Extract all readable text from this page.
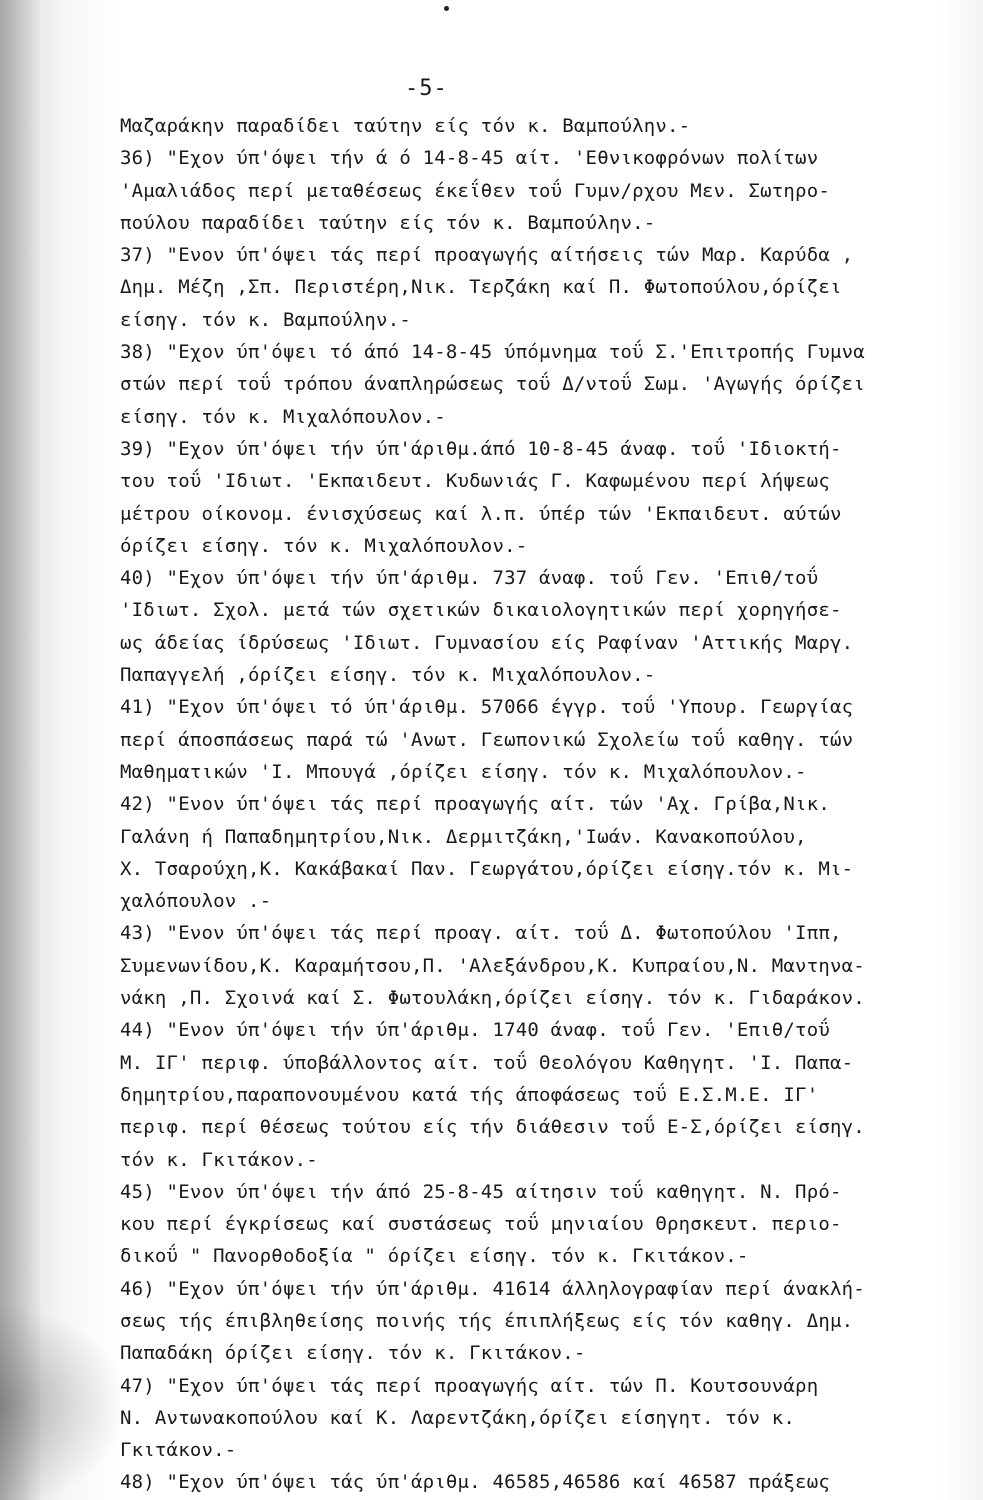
-5-
Μαζαράκην παραδίδει ταύτην είς τόν κ. Βαμπούλην.-
36) "Εχον ύπ'όψει τήν ά ό 14-8-45 αίτ. 'Εθνικοφρόνων πολίτων
'Αμαλιάδος περί μεταθέσεως έκεΐθεν τοΰ Γυμν/ρχου Μεν. Σωτηρο-
πούλου παραδίδει ταύτην είς τόν κ. Βαμπούλην.-
37) "Ενον ύπ'όψει τάς περί προαγωγής αίτήσεις τών Μαρ. Καρύδα ,
Δημ. Μέζη ,Σπ. Περιστέρη,Νικ. Τερζάκη καί Π. Φωτοπούλου,όρίζει
είσηγ. τόν κ. Βαμπούλην.-
38) "Εχον ύπ'όψει τό άπό 14-8-45 ύπόμνημα τοΰ Σ.'Επιτροπής Γυμνα
στών περί τοΰ τρόπου άναπληρώσεως τοΰ Δ/ντοΰ Σωμ. 'Αγωγής όρίζει
είσηγ. τόν κ. Μιχαλόπουλον.-
39) "Εχον ύπ'όψει τήν ύπ'άριθμ.άπό 10-8-45 άναφ. τοΰ 'Ιδιοκτή-
του τοΰ 'Ιδιωτ. 'Εκπαιδευτ. Κυδωνιάς Γ. Καφωμένου περί λήψεως
μέτρου οίκονομ. ένισχύσεως καί λ.π. ύπέρ τών 'Εκπαιδευτ. αύτών
όρίζει είσηγ. τόν κ. Μιχαλόπουλον.-
40) "Εχον ύπ'όψει τήν ύπ'άριθμ. 737 άναφ. τοΰ Γεν. 'Επιθ/τοΰ
'Ιδιωτ. Σχολ. μετά τών σχετικών δικαιολογητικών περί χορηγήσε-
ως άδείας ίδρύσεως 'Ιδιωτ. Γυμνασίου είς Ραφίναν 'Αττικής Μαργ.
Παπαγγελή ,όρίζει είσηγ. τόν κ. Μιχαλόπουλον.-
41) "Εχον ύπ'όψει τό ύπ'άριθμ. 57066 έγγρ. τοΰ 'Υπουρ. Γεωργίας
περί άποσπάσεως παρά τώ 'Ανωτ. Γεωπονικώ Σχολείω τοΰ καθηγ. τών
Μαθηματικών 'Ι. Μπουγά ,όρίζει είσηγ. τόν κ. Μιχαλόπουλον.-
42) "Ενον ύπ'όψει τάς περί προαγωγής αίτ. τών 'Αχ. Γρίβα,Νικ.
Γαλάνη ή Παπαδημητρίου,Νικ. Δερμιτζάκη,'Ιωάν. Κανακοπούλου,
Χ. Τσαρούχη,Κ. Κακάβακαί Παν. Γεωργάτου,όρίζει είσηγ.τόν κ. Μι-
χαλόπουλον .-
43) "Ενον ύπ'όψει τάς περί προαγ. αίτ. τοΰ Δ. Φωτοπούλου 'Ιππ,
Συμενωνίδου,Κ. Καραμήτσου,Π. 'Αλεξάνδρου,Κ. Κυπραίου,Ν. Μαντηνα-
νάκη ,Π. Σχοινά καί Σ. Φωτουλάκη,όρίζει είσηγ. τόν κ. Γιδαράκον.
44) "Ενον ύπ'όψει τήν ύπ'άριθμ. 1740 άναφ. τοΰ Γεν. 'Επιθ/τοΰ
Μ. ΙΓ' περιφ. ύποβάλλοντος αίτ. τοΰ Θεολόγου Καθηγητ. 'Ι. Παπα-
δημητρίου,παραπονουμένου κατά τής άποφάσεως τοΰ Ε.Σ.Μ.Ε. ΙΓ'
περιφ. περί θέσεως τούτου είς τήν διάθεσιν τοΰ Ε-Σ,όρίζει είσηγ.
τόν κ. Γκιτάκον.-
45) "Ενον ύπ'όψει τήν άπό 25-8-45 αίτησιν τοΰ καθηγητ. Ν. Πρό-
κου περί έγκρίσεως καί συστάσεως τοΰ μηνιαίου Θρησκευτ. περιο-
δικοΰ " Πανορθοδοξία " όρίζει είσηγ. τόν κ. Γκιτάκον.-
46) "Εχον ύπ'όψει τήν ύπ'άριθμ. 41614 άλληλογραφίαν περί άνακλή-
σεως τής έπιβληθείσης ποινής τής έπιπλήξεως είς τόν καθηγ. Δημ.
Παπαδάκη όρίζει είσηγ. τόν κ. Γκιτάκον.-
47) "Εχον ύπ'όψει τάς περί προαγωγής αίτ. τών Π. Κουτσουνάρη
Ν. Αντωνακοπούλου καί Κ. Λαρεντζάκη,όρίζει είσηγητ. τόν κ.
Γκιτάκον.-
48) "Εχον ύπ'όψει τάς ύπ'άριθμ. 46585,46586 καί 46587 πράξεως
